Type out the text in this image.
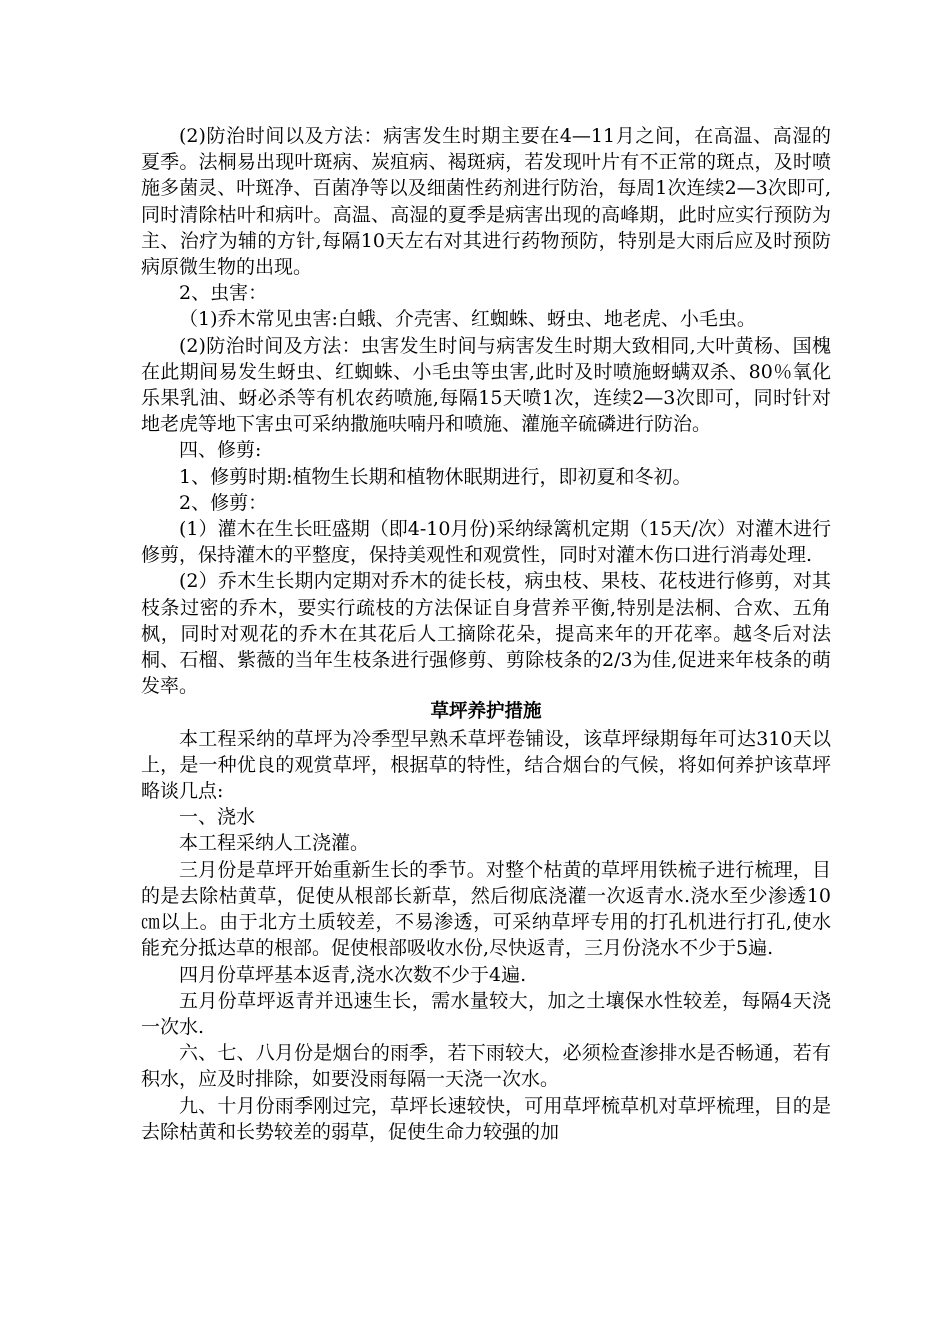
(2)防治时间以及方法：病害发生时期主要在4—11月之间，在高温、高湿的夏季。法桐易出现叶斑病、炭疽病、褐斑病，若发现叶片有不正常的斑点，及时喷施多菌灵、叶斑净、百菌净等以及细菌性药剂进行防治，每周1次连续2—3次即可,同时清除枯叶和病叶。高温、高湿的夏季是病害出现的高峰期，此时应实行预防为主、治疗为辅的方针,每隔10天左右对其进行药物预防，特别是大雨后应及时预防病原微生物的出现。

2、虫害：

（1)乔木常见虫害:白蛾、介壳害、红蜘蛛、蚜虫、地老虎、小毛虫。

(2)防治时间及方法：虫害发生时间与病害发生时期大致相同,大叶黄杨、国槐在此期间易发生蚜虫、红蜘蛛、小毛虫等虫害,此时及时喷施蚜螨双杀、80％氧化乐果乳油、蚜必杀等有机农药喷施,每隔15天喷1次，连续2—3次即可，同时针对地老虎等地下害虫可采纳撒施呋喃丹和喷施、灌施辛硫磷进行防治。

四、修剪:

1、修剪时期:植物生长期和植物休眠期进行，即初夏和冬初。

2、修剪：

(1）灌木在生长旺盛期（即4-10月份)采纳绿篱机定期（15天/次）对灌木进行修剪，保持灌木的平整度，保持美观性和观赏性，同时对灌木伤口进行消毒处理.

(2）乔木生长期内定期对乔木的徒长枝，病虫枝、果枝、花枝进行修剪，对其枝条过密的乔木，要实行疏枝的方法保证自身营养平衡,特别是法桐、合欢、五角枫，同时对观花的乔木在其花后人工摘除花朵，提高来年的开花率。越冬后对法桐、石榴、紫薇的当年生枝条进行强修剪、剪除枝条的2/3为佳,促进来年枝条的萌发率。

草坪养护措施

本工程采纳的草坪为冷季型早熟禾草坪卷铺设，该草坪绿期每年可达310天以上，是一种优良的观赏草坪，根据草的特性，结合烟台的气候，将如何养护该草坪略谈几点:

一、浇水

本工程采纳人工浇灌。

三月份是草坪开始重新生长的季节。对整个枯黄的草坪用铁梳子进行梳理，目的是去除枯黄草，促使从根部长新草，然后彻底浇灌一次返青水.浇水至少渗透10㎝以上。由于北方土质较差，不易渗透，可采纳草坪专用的打孔机进行打孔,使水能充分抵达草的根部。促使根部吸收水份,尽快返青，三月份浇水不少于5遍.

四月份草坪基本返青,浇水次数不少于4遍.

五月份草坪返青并迅速生长，需水量较大，加之土壤保水性较差，每隔4天浇一次水.

六、七、八月份是烟台的雨季，若下雨较大，必须检查渗排水是否畅通，若有积水，应及时排除，如要没雨每隔一天浇一次水。

九、十月份雨季刚过完，草坪长速较快，可用草坪梳草机对草坪梳理，目的是去除枯黄和长势较差的弱草，促使生命力较强的加
